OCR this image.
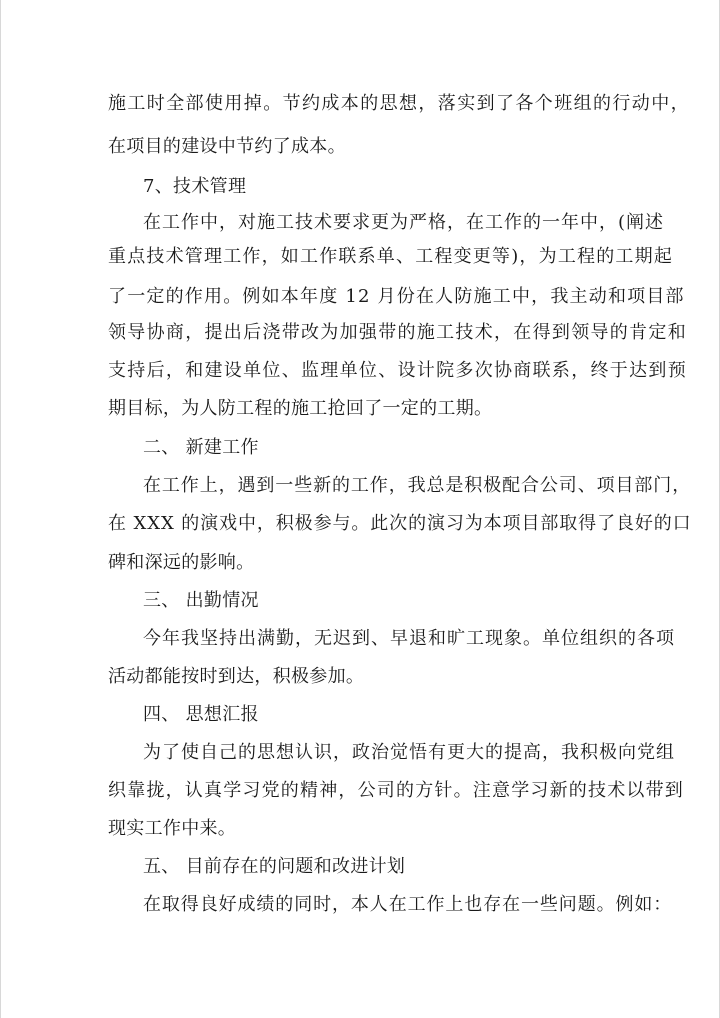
施工时全部使用掉。节约成本的思想，落实到了各个班组的行动中，
在项目的建设中节约了成本。
7、技术管理
在工作中，对施工技术要求更为严格，在工作的一年中，(阐述
重点技术管理工作，如工作联系单、工程变更等)，为工程的工期起
了一定的作用。例如本年度 12 月份在人防施工中，我主动和项目部
领导协商，提出后浇带改为加强带的施工技术，在得到领导的肯定和
支持后，和建设单位、监理单位、设计院多次协商联系，终于达到预
期目标，为人防工程的施工抢回了一定的工期。
二、 新建工作
在工作上，遇到一些新的工作，我总是积极配合公司、项目部门，
在 XXX 的演戏中，积极参与。此次的演习为本项目部取得了良好的口
碑和深远的影响。
三、 出勤情况
今年我坚持出满勤，无迟到、早退和旷工现象。单位组织的各项
活动都能按时到达，积极参加。
四、 思想汇报
为了使自己的思想认识，政治觉悟有更大的提高，我积极向党组
织靠拢，认真学习党的精神，公司的方针。注意学习新的技术以带到
现实工作中来。
五、 目前存在的问题和改进计划
在取得良好成绩的同时，本人在工作上也存在一些问题。例如：
